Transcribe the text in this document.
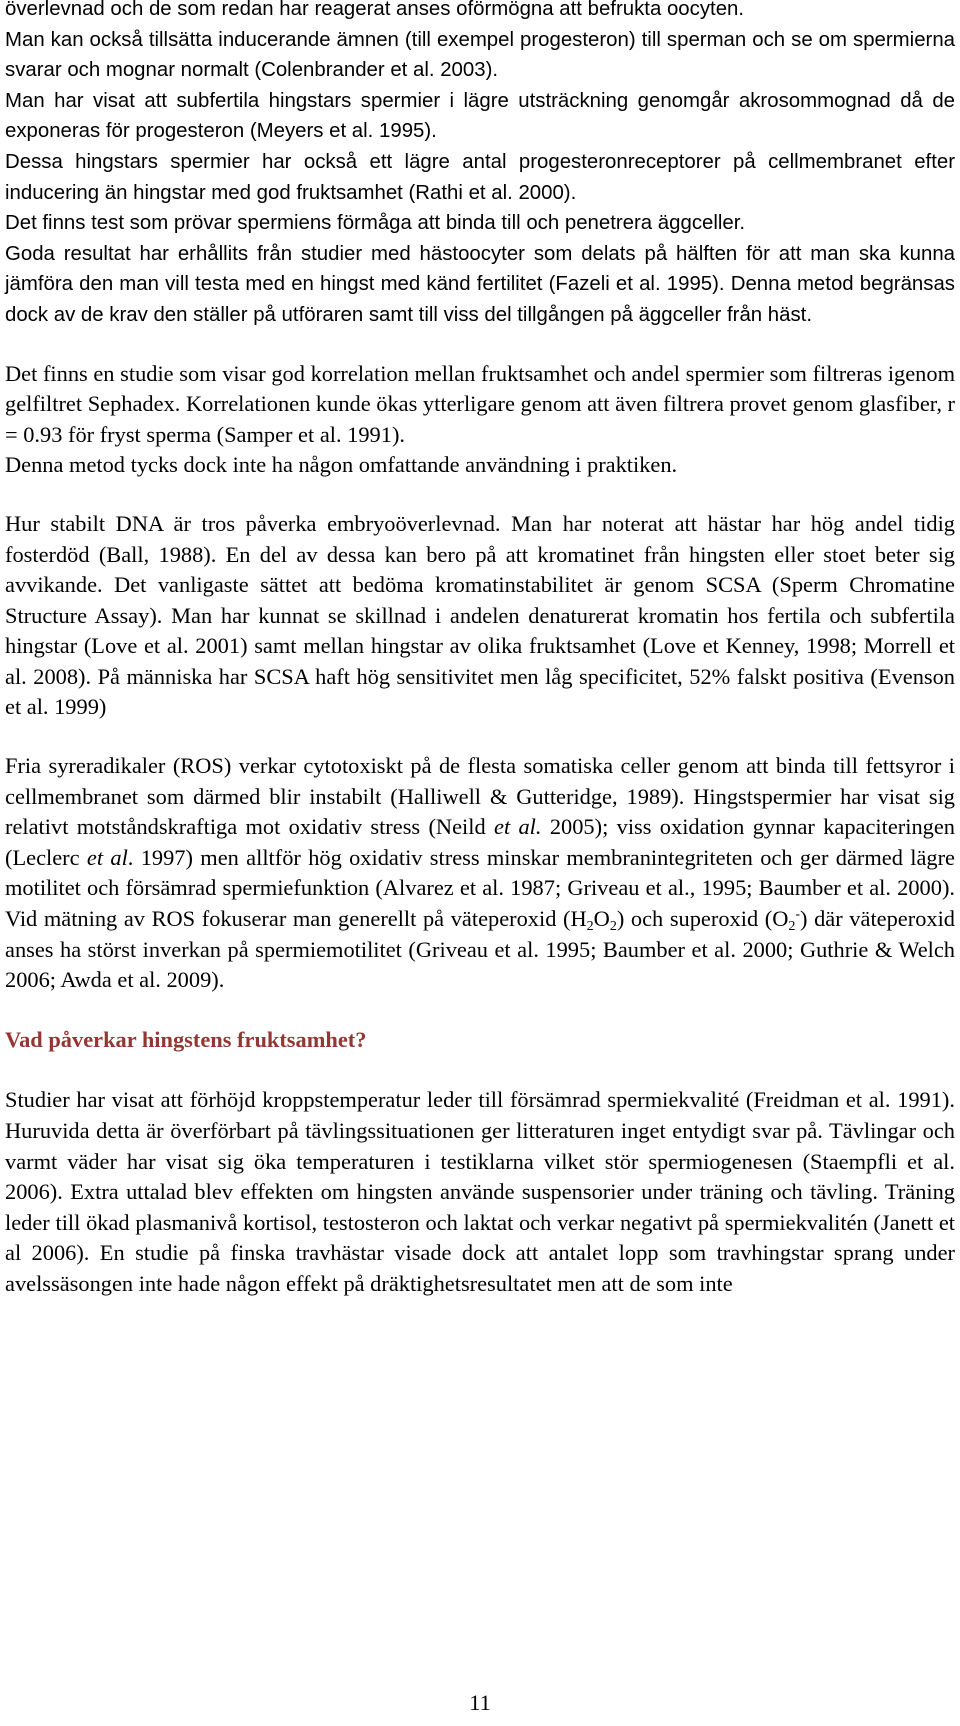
överlevnad och de som redan har reagerat anses oförmögna att befrukta oocyten.

Man kan också tillsätta inducerande ämnen (till exempel progesteron) till sperman och se om spermierna svarar och mognar normalt (Colenbrander et al. 2003).

Man har visat att subfertila hingstars spermier i lägre utsträckning genomgår akrosommognad då de exponeras för progesteron (Meyers et al. 1995).

Dessa hingstars spermier har också ett lägre antal progesteronreceptorer på cellmembranet efter inducering än hingstar med god fruktsamhet (Rathi et al. 2000).

Det finns test som prövar spermiens förmåga att binda till och penetrera äggceller.

Goda resultat har erhållits från studier med hästoocyter som delats på hälften för att man ska kunna jämföra den man vill testa med en hingst med känd fertilitet (Fazeli et al. 1995). Denna metod begränsas dock av de krav den ställer på utföraren samt till viss del tillgången på äggceller från häst.

Det finns en studie som visar god korrelation mellan fruktsamhet och andel spermier som filtreras igenom gelfiltret Sephadex. Korrelationen kunde ökas ytterligare genom att även filtrera provet genom glasfiber, r = 0.93 för fryst sperma (Samper et al. 1991).

Denna metod tycks dock inte ha någon omfattande användning i praktiken.

Hur stabilt DNA är tros påverka embryoöverlevnad. Man har noterat att hästar har hög andel tidig fosterdöd (Ball, 1988). En del av dessa kan bero på att kromatinet från hingsten eller stoet beter sig avvikande. Det vanligaste sättet att bedöma kromatinstabilitet är genom SCSA (Sperm Chromatine Structure Assay). Man har kunnat se skillnad i andelen denaturerat kromatin hos fertila och subfertila hingstar (Love et al. 2001) samt mellan hingstar av olika fruktsamhet (Love et Kenney, 1998; Morrell et al. 2008). På människa har SCSA haft hög sensitivitet men låg specificitet, 52% falskt positiva (Evenson et al. 1999)

Fria syreradikaler (ROS) verkar cytotoxiskt på de flesta somatiska celler genom att binda till fettsyror i cellmembranet som därmed blir instabilt (Halliwell & Gutteridge, 1989). Hingstspermier har visat sig relativt motståndskraftiga mot oxidativ stress (Neild et al. 2005); viss oxidation gynnar kapaciteringen (Leclerc et al. 1997) men alltför hög oxidativ stress minskar membranintegriteten och ger därmed lägre motilitet och försämrad spermiefunktion (Alvarez et al. 1987; Griveau et al., 1995; Baumber et al. 2000). Vid mätning av ROS fokuserar man generellt på väteperoxid $(H_2O_2)$ och superoxid $(O_2^-)$ där väteperoxid anses ha störst inverkan på spermiemotilitet (Griveau et al. 1995; Baumber et al. 2000; Guthrie & Welch 2006; Awda et al. 2009).

Vad påverkar hingstens fruktsamhet?

Studier har visat att förhöjd kroppstemperatur leder till försämrad spermiekvalité (Freidman et al. 1991). Huruvida detta är överförbart på tävlingssituationen ger litteraturen inget entydigt svar på. Tävlingar och varmt väder har visat sig öka temperaturen i testiklarna vilket stör spermiogenesen (Staempfli et al. 2006). Extra uttalad blev effekten om hingsten använde suspensorier under träning och tävling. Träning leder till ökad plasmanivå kortisol, testosteron och laktat och verkar negativt på spermiekvalitén (Janett et al 2006). En studie på finska travhästar visade dock att antalet lopp som travhingstar sprang under avelssäsongen inte hade någon effekt på dräktighetsresultatet men att de som inte

11
